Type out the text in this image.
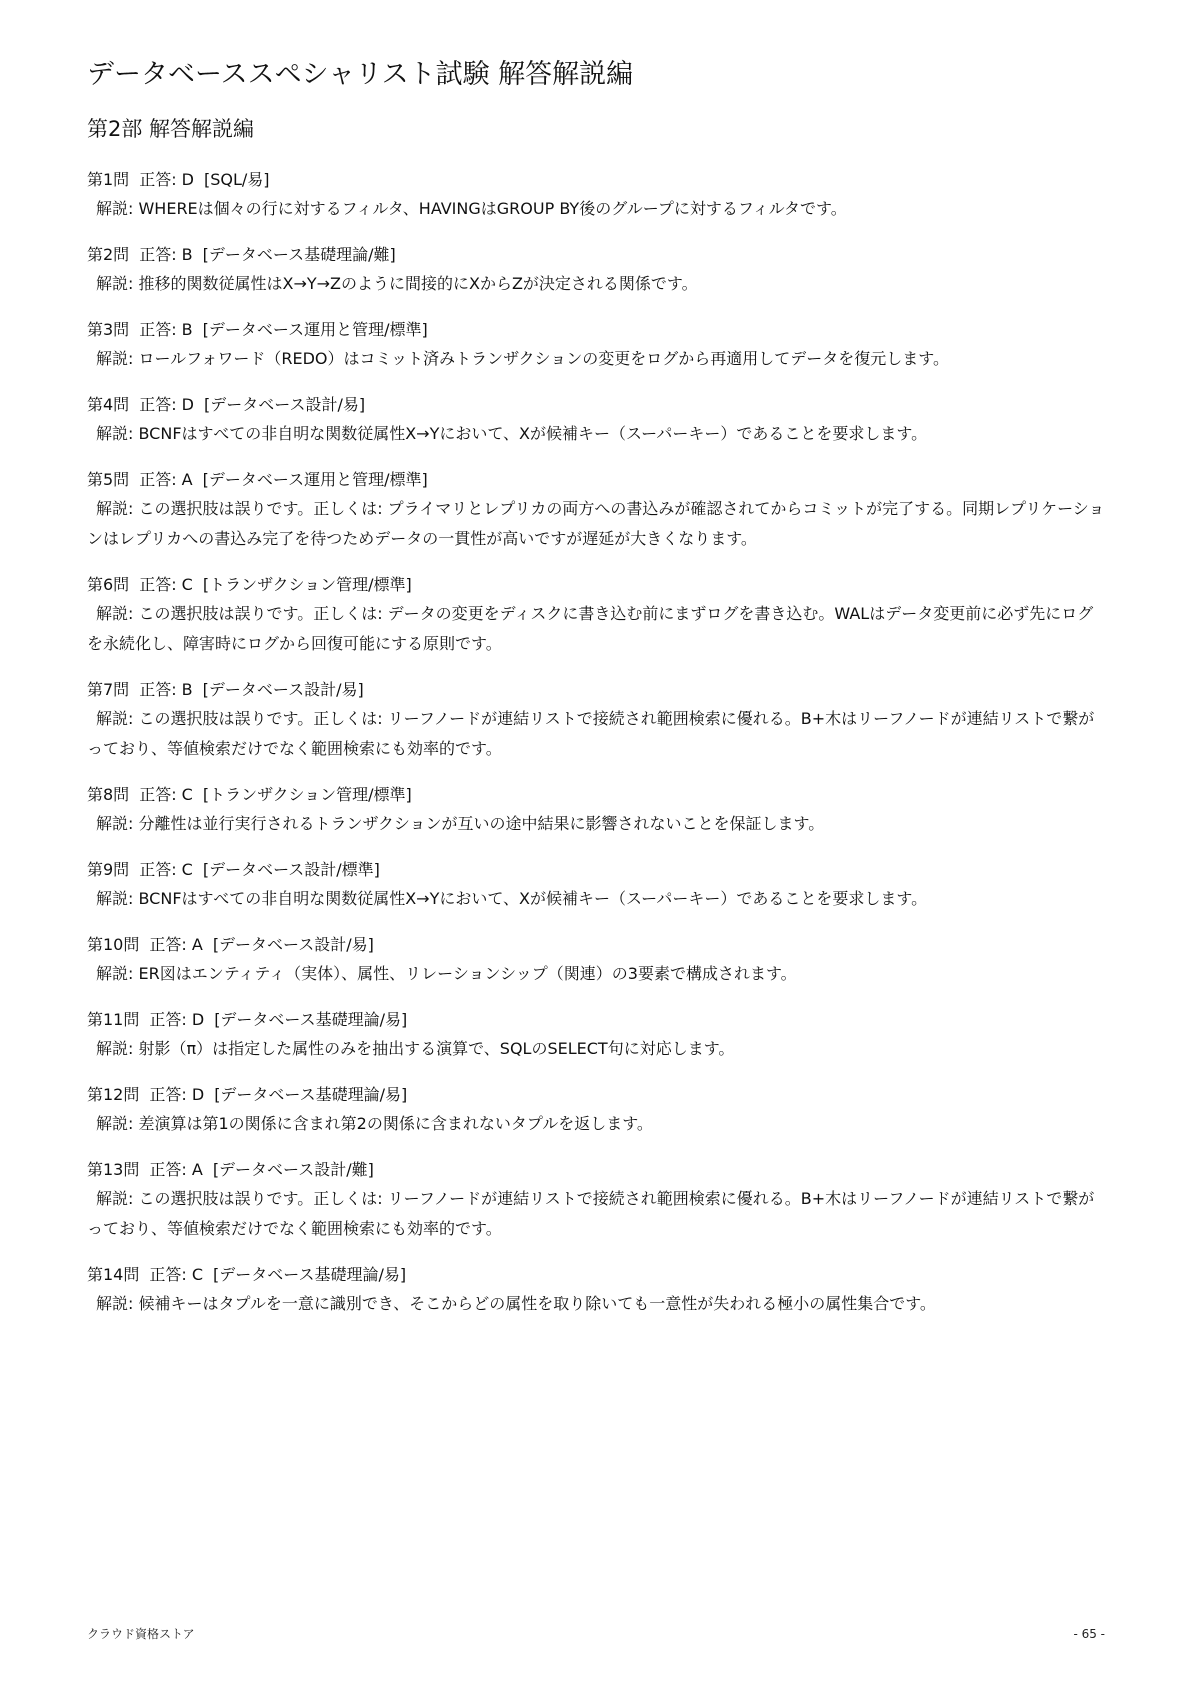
データベーススペシャリスト試験 解答解説編
第2部 解答解説編
第1問 正答: D [SQL/易]
解説: WHEREは個々の行に対するフィルタ、HAVINGはGROUP BY後のグループに対するフィルタです。
第2問 正答: B [データベース基礎理論/難]
解説: 推移的関数従属性はX→Y→Zのように間接的にXからZが決定される関係です。
第3問 正答: B [データベース運用と管理/標準]
解説: ロールフォワード（REDO）はコミット済みトランザクションの変更をログから再適用してデータを復元します。
第4問 正答: D [データベース設計/易]
解説: BCNFはすべての非自明な関数従属性X→Yにおいて、Xが候補キー（スーパーキー）であることを要求します。
第5問 正答: A [データベース運用と管理/標準]
解説: この選択肢は誤りです。正しくは: プライマリとレプリカの両方への書込みが確認されてからコミットが完了する。同期レプリケーションはレプリカへの書込み完了を待つためデータの一貫性が高いですが遅延が大きくなります。
第6問 正答: C [トランザクション管理/標準]
解説: この選択肢は誤りです。正しくは: データの変更をディスクに書き込む前にまずログを書き込む。WALはデータ変更前に必ず先にログを永続化し、障害時にログから回復可能にする原則です。
第7問 正答: B [データベース設計/易]
解説: この選択肢は誤りです。正しくは: リーフノードが連結リストで接続され範囲検索に優れる。B+木はリーフノードが連結リストで繋がっており、等値検索だけでなく範囲検索にも効率的です。
第8問 正答: C [トランザクション管理/標準]
解説: 分離性は並行実行されるトランザクションが互いの途中結果に影響されないことを保証します。
第9問 正答: C [データベース設計/標準]
解説: BCNFはすべての非自明な関数従属性X→Yにおいて、Xが候補キー（スーパーキー）であることを要求します。
第10問 正答: A [データベース設計/易]
解説: ER図はエンティティ（実体）、属性、リレーションシップ（関連）の3要素で構成されます。
第11問 正答: D [データベース基礎理論/易]
解説: 射影（π）は指定した属性のみを抽出する演算で、SQLのSELECT句に対応します。
第12問 正答: D [データベース基礎理論/易]
解説: 差演算は第1の関係に含まれ第2の関係に含まれないタプルを返します。
第13問 正答: A [データベース設計/難]
解説: この選択肢は誤りです。正しくは: リーフノードが連結リストで接続され範囲検索に優れる。B+木はリーフノードが連結リストで繋がっており、等値検索だけでなく範囲検索にも効率的です。
第14問 正答: C [データベース基礎理論/易]
解説: 候補キーはタプルを一意に識別でき、そこからどの属性を取り除いても一意性が失われる極小の属性集合です。
クラウド資格ストア	- 65 -
